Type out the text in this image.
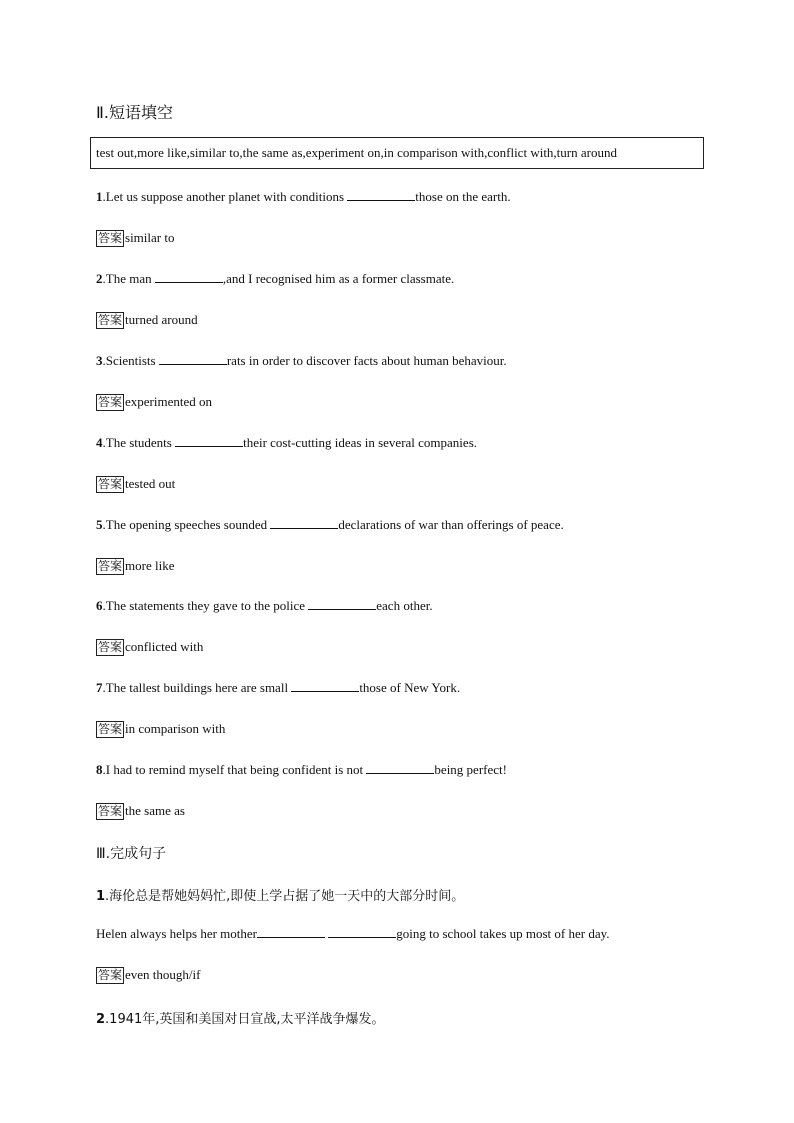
Ⅱ.短语填空
test out,more like,similar to,the same as,experiment on,in comparison with,conflict with,turn around
1.Let us suppose another planet with conditions	those on the earth.
答案 similar to
2.The man	,and I recognised him as a former classmate.
答案 turned around
3.Scientists	rats in order to discover facts about human behaviour.
答案 experimented on
4.The students	their cost-cutting ideas in several companies.
答案 tested out
5.The opening speeches sounded	declarations of war than offerings of peace.
答案 more like
6.The statements they gave to the police	each other.
答案 conflicted with
7.The tallest buildings here are small	those of New York.
答案 in comparison with
8.I had to remind myself that being confident is not	being perfect!
答案 the same as
Ⅲ.完成句子
1.海伦总是帮她妈妈忙,即使上学占据了她一天中的大部分时间。
Helen always helps her mother	going to school takes up most of her day.
答案 even though/if
2.1941年,英国和美国对日宣战,太平洋战争爆发。
